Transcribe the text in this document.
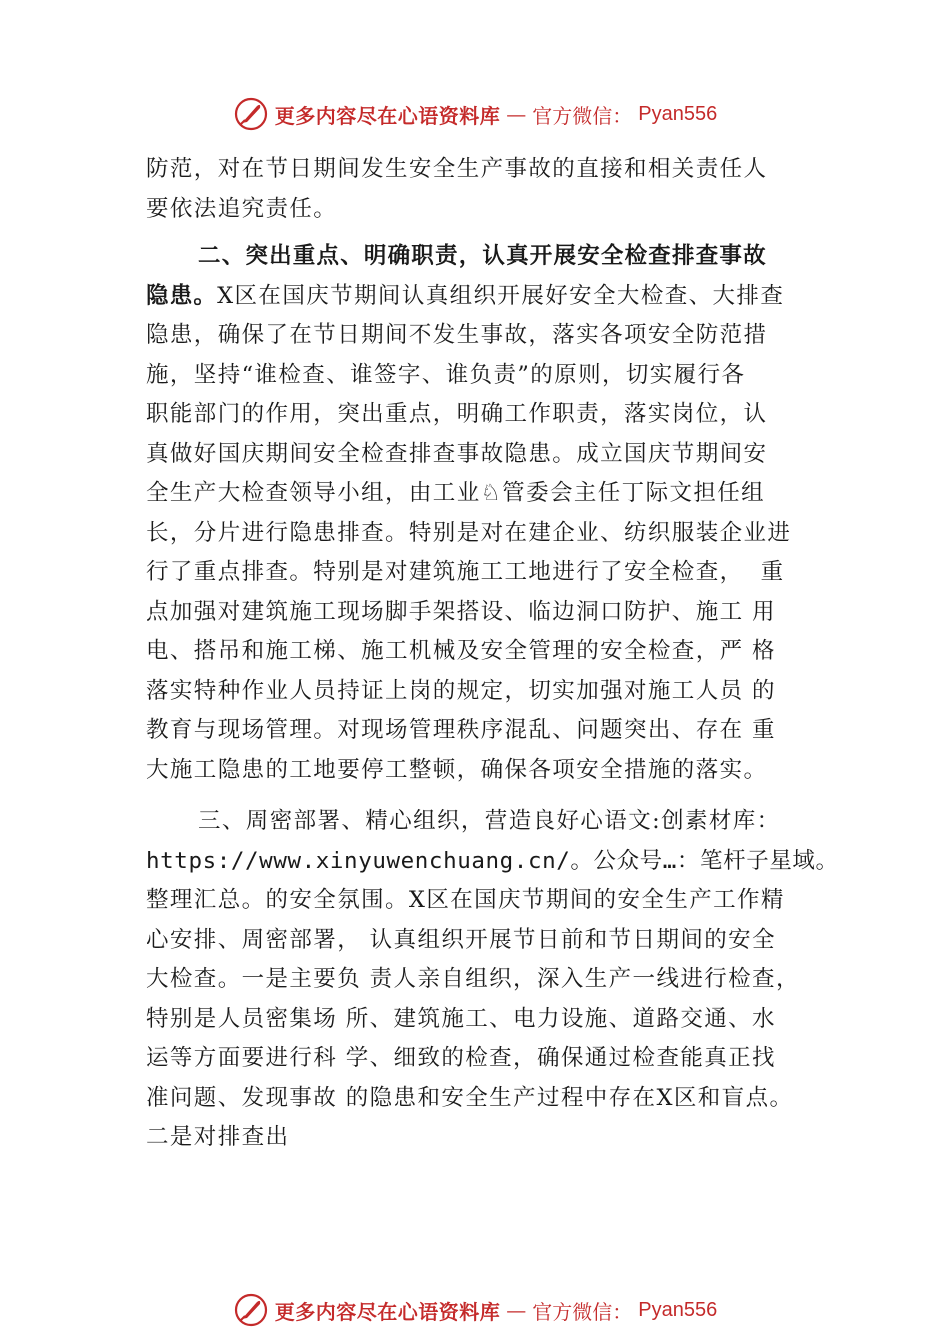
更多内容尽在心语资料库 — 官方微信： Pyan556
防范，对在节日期间发生安全生产事故的直接和相关责任人
要依法追究责任。
二、突出重点、明确职责，认真开展安全检查排查事故
隐患。X区在国庆节期间认真组织开展好安全大检查、大排查
隐患，确保了在节日期间不发生事故，落实各项安全防范措
施，坚持“谁检查、谁签字、谁负责”的原则，切实履行各
职能部门的作用，突出重点，明确工作职责，落实岗位，认
真做好国庆期间安全检查排查事故隐患。成立国庆节期间安
全生产大检查领导小组，由工业♘管委会主任丁际文担任组
长，分片进行隐患排查。特别是对在建企业、纺织服装企业进
行了重点排查。特别是对建筑施工工地进行了安全检查，  重
点加强对建筑施工现场脚手架搭设、临边洞口防护、施工 用
电、搭吊和施工梯、施工机械及安全管理的安全检查，严 格
落实特种作业人员持证上岗的规定，切实加强对施工人员 的
教育与现场管理。对现场管理秩序混乱、问题突出、存在 重
大施工隐患的工地要停工整顿，确保各项安全措施的落实。
三、周密部署、精心组织，营造良好心语文:创素材库：
https://www.xinyuwenchuang.cn/。公众号…：笔杆子星域。
整理汇总。的安全氛围。X区在国庆节期间的安全生产工作精
心安排、周密部署， 认真组织开展节日前和节日期间的安全
大检查。一是主要负 责人亲自组织，深入生产一线进行检查，
特别是人员密集场 所、建筑施工、电力设施、道路交通、水
运等方面要进行科 学、细致的检查，确保通过检查能真正找
准问题、发现事故 的隐患和安全生产过程中存在X区和盲点。
二是对排查出
更多内容尽在心语资料库 — 官方微信： Pyan556
